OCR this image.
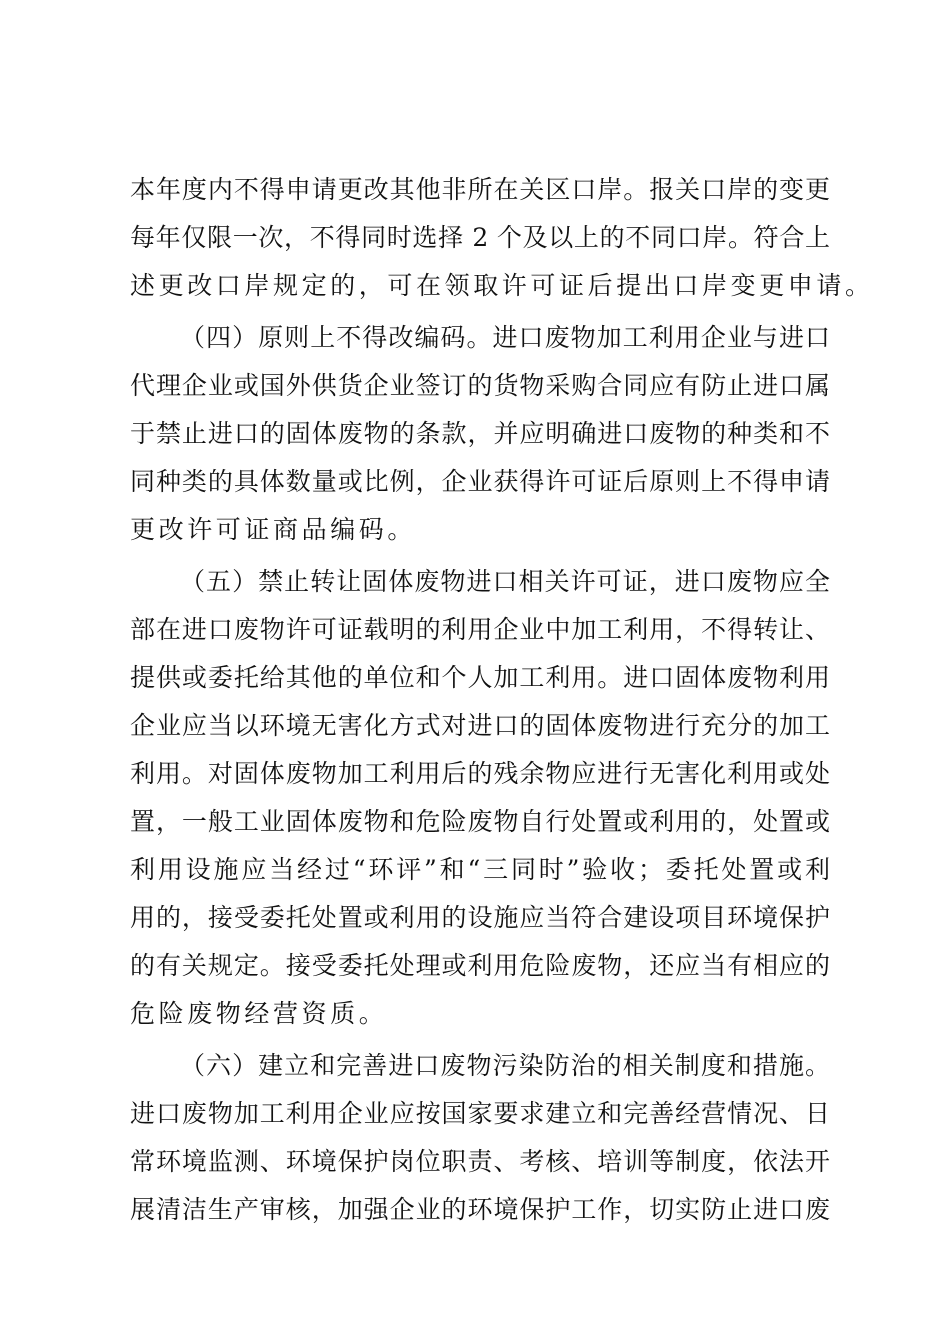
本年度内不得申请更改其他非所在关区口岸。报关口岸的变更
每年仅限一次，不得同时选择 2 个及以上的不同口岸。符合上
述更改口岸规定的，可在领取许可证后提出口岸变更申请。
（四）原则上不得改编码。进口废物加工利用企业与进口
代理企业或国外供货企业签订的货物采购合同应有防止进口属
于禁止进口的固体废物的条款，并应明确进口废物的种类和不
同种类的具体数量或比例，企业获得许可证后原则上不得申请
更改许可证商品编码。
（五）禁止转让固体废物进口相关许可证，进口废物应全
部在进口废物许可证载明的利用企业中加工利用，不得转让、
提供或委托给其他的单位和个人加工利用。进口固体废物利用
企业应当以环境无害化方式对进口的固体废物进行充分的加工
利用。对固体废物加工利用后的残余物应进行无害化利用或处
置，一般工业固体废物和危险废物自行处置或利用的，处置或
利用设施应当经过“环评”和“三同时”验收；委托处置或利
用的，接受委托处置或利用的设施应当符合建设项目环境保护
的有关规定。接受委托处理或利用危险废物，还应当有相应的
危险废物经营资质。
（六）建立和完善进口废物污染防治的相关制度和措施。
进口废物加工利用企业应按国家要求建立和完善经营情况、日
常环境监测、环境保护岗位职责、考核、培训等制度，依法开
展清洁生产审核，加强企业的环境保护工作，切实防止进口废
